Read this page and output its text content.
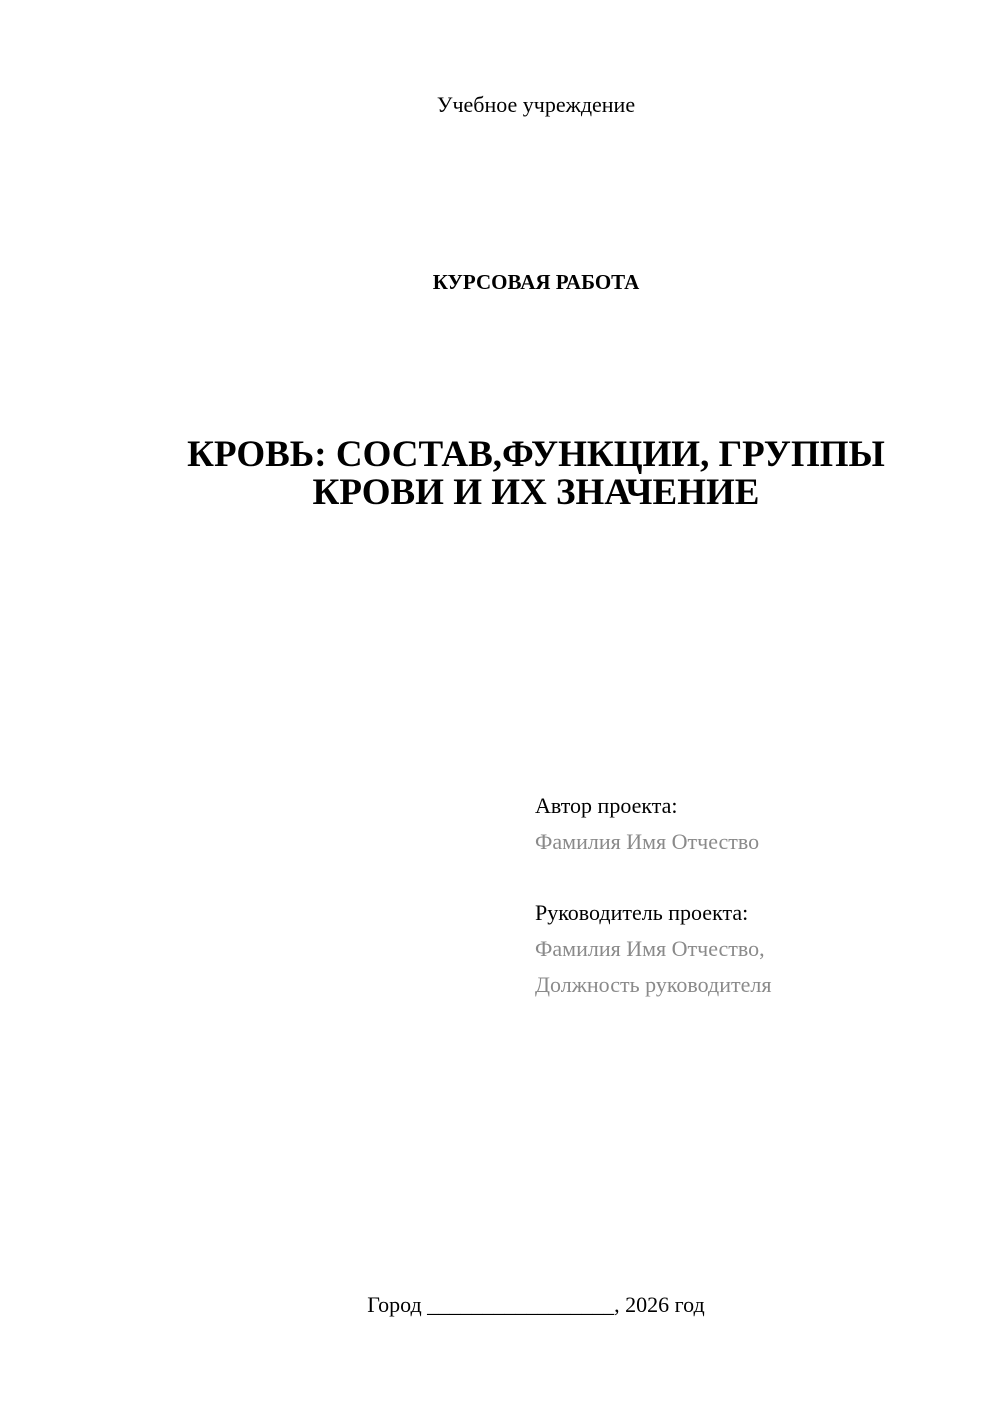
Учебное учреждение
КУРСОВАЯ РАБОТА
КРОВЬ: СОСТАВ,ФУНКЦИИ, ГРУППЫ
КРОВИ И ИХ ЗНАЧЕНИЕ
Автор проекта:
Фамилия Имя Отчество
Руководитель проекта:
Фамилия Имя Отчество,
Должность руководителя
Город _________________, 2026 год
